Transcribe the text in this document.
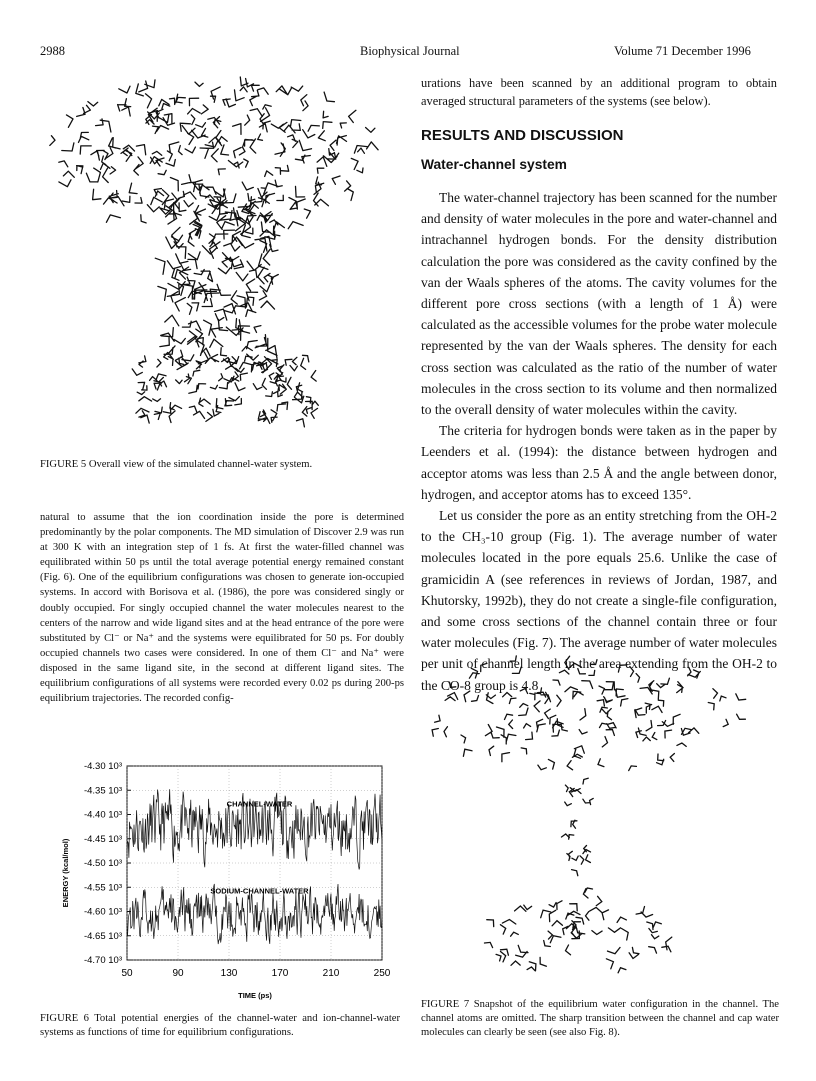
2988	Biophysical Journal	Volume 71 December 1996
FIGURE 5 Overall view of the simulated channel-water system.

natural to assume that the ion coordination inside the pore is determined predominantly by the polar components. The MD simulation of Discover 2.9 was run at 300 K with an integration step of 1 fs. At first the water-filled channel was equilibrated within 50 ps until the total average potential energy remained constant (Fig. 6). One of the equilibrium configurations was chosen to generate ion-occupied systems. In accord with Borisova et al. (1986), the pore was considered singly or doubly occupied. For singly occupied channel the water molecules nearest to the centers of the narrow and wide ligand sites and at the head entrance of the pore were substituted by Cl⁻ or Na⁺ and the systems were equilibrated for 50 ps. For doubly occupied channels two cases were considered. In one of them Cl⁻ and Na⁺ were disposed in the same ligand site, in the second at different ligand sites. The equilibrium configurations of all systems were recorded every 0.02 ps during 200-ps equilibrium trajectories. The recorded config-

ENERGY (kcal/mol)
TIME (ps)
-4.30 10³
-4.35 10³
-4.40 10³
-4.45 10³
-4.50 10³
-4.55 10³
-4.60 10³
-4.65 10³
-4.70 10³
50	90	130	170	210	250
CHANNEL-WATER
SODIUM-CHANNEL-WATER
FIGURE 6 Total potential energies of the channel-water and ion-channel-water systems as functions of time for equilibrium configurations.

urations have been scanned by an additional program to obtain averaged structural parameters of the systems (see below).

RESULTS AND DISCUSSION
Water-channel system

The water-channel trajectory has been scanned for the number and density of water molecules in the pore and water-channel and intrachannel hydrogen bonds. For the density distribution calculation the pore was considered as the cavity confined by the van der Waals spheres of the atoms. The cavity volumes for the different pore cross sections (with a length of 1 Å) were calculated as the accessible volumes for the probe water molecule represented by the van der Waals spheres. The density for each cross section was calculated as the ratio of the number of water molecules in the cross section to its volume and then normalized to the overall density of water molecules within the cavity.

The criteria for hydrogen bonds were taken as in the paper by Leenders et al. (1994): the distance between hydrogen and acceptor atoms was less than 2.5 Å and the angle between donor, hydrogen, and acceptor atoms has to exceed 135°.

Let us consider the pore as an entity stretching from the OH-2 to the CH₃-10 group (Fig. 1). The average number of water molecules located in the pore equals 25.6. Unlike the case of gramicidin A (see references in reviews of Jordan, 1987, and Khutorsky, 1992b), they do not create a single-file configuration, and some cross sections of the channel contain three or four water molecules (Fig. 7). The average number of water molecules per unit of channel length in the area extending from the OH-2 to the CO-8 group is 4.8

FIGURE 7 Snapshot of the equilibrium water configuration in the channel. The channel atoms are omitted. The sharp transition between the channel and cap water molecules can clearly be seen (see also Fig. 8).
